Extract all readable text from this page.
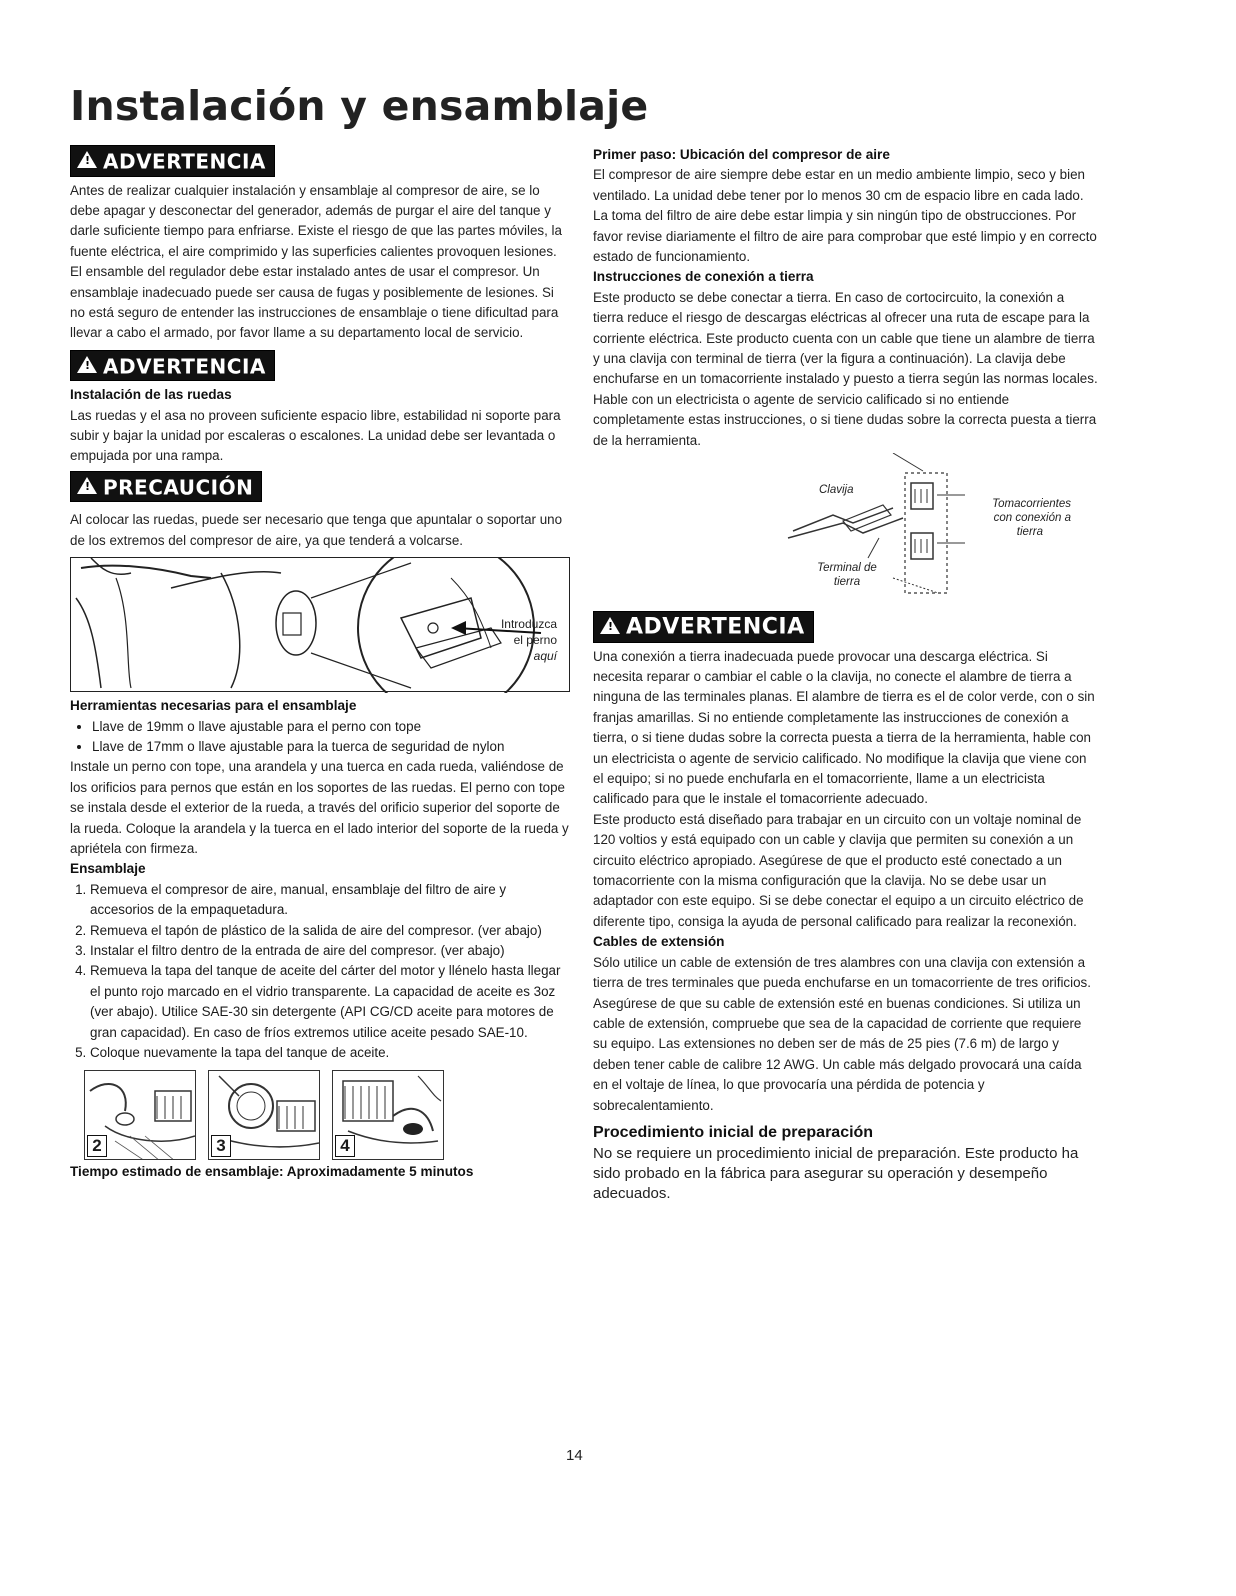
Instalación y ensamblaje
! ADVERTENCIA

Antes de realizar cualquier instalación y ensamblaje al compresor de aire, se lo debe apagar y desconectar del generador, además de purgar el aire del tanque y darle suficiente tiempo para enfriarse. Existe el riesgo de que las partes móviles, la fuente eléctrica, el aire comprimido y las superficies calientes provoquen lesiones. El ensamble del regulador debe estar instalado antes de usar el compresor. Un ensamblaje inadecuado puede ser causa de fugas y posiblemente de lesiones. Si no está seguro de entender las instrucciones de ensamblaje o tiene dificultad para llevar a cabo el armado, por favor llame a su departamento local de servicio.

! ADVERTENCIA

Instalación de las ruedas

Las ruedas y el asa no proveen suficiente espacio libre, estabilidad ni soporte para subir y bajar la unidad por escaleras o escalones. La unidad debe ser levantada o empujada por una rampa.

! PRECAUCIÓN

Al colocar las ruedas, puede ser necesario que tenga que apuntalar o soportar uno de los extremos del compresor de aire, ya que tenderá a volcarse.

Introduzca
el perno
aquí

Herramientas necesarias para el ensamblaje

• Llave de 19mm o llave ajustable para el perno con tope
• Llave de 17mm o llave ajustable para la tuerca de seguridad de nylon

Instale un perno con tope, una arandela y una tuerca en cada rueda, valiéndose de los orificios para pernos que están en los soportes de las ruedas. El perno con tope se instala desde el exterior de la rueda, a través del orificio superior del soporte de la rueda. Coloque la arandela y la tuerca en el lado interior del soporte de la rueda y apriétela con firmeza.

Ensamblaje

1. Remueva el compresor de aire, manual, ensamblaje del filtro de aire y accesorios de la empaquetadura.
2. Remueva el tapón de plástico de la salida de aire del compresor. (ver abajo)
3. Instalar el filtro dentro de la entrada de aire del compresor. (ver abajo)
4. Remueva la tapa del tanque de aceite del cárter del motor y llénelo hasta llegar el punto rojo marcado en el vidrio transparente. La capacidad de aceite es 3oz (ver abajo). Utilice SAE-30 sin detergente (API CG/CD aceite para motores de gran capacidad). En caso de fríos extremos utilice aceite pesado SAE-10.
5. Coloque nuevamente la tapa del tanque de aceite.
2	3	4

Tiempo estimado de ensamblaje: Aproximadamente 5 minutos

Primer paso: Ubicación del compresor de aire

El compresor de aire siempre debe estar en un medio ambiente limpio, seco y bien ventilado. La unidad debe tener por lo menos 30 cm de espacio libre en cada lado. La toma del filtro de aire debe estar limpia y sin ningún tipo de obstrucciones. Por favor revise diariamente el filtro de aire para comprobar que esté limpio y en correcto estado de funcionamiento.

Instrucciones de conexión a tierra

Este producto se debe conectar a tierra. En caso de cortocircuito, la conexión a tierra reduce el riesgo de descargas eléctricas al ofrecer una ruta de escape para la corriente eléctrica. Este producto cuenta con un cable que tiene un alambre de tierra y una clavija con terminal de tierra (ver la figura a continuación). La clavija debe enchufarse en un tomacorriente instalado y puesto a tierra según las normas locales. Hable con un electricista o agente de servicio calificado si no entiende completamente estas instrucciones, o si tiene dudas sobre la correcta puesta a tierra de la herramienta.

Clavija
Tomacorrientes
con conexión a
tierra
Terminal de
tierra
! ADVERTENCIA

Una conexión a tierra inadecuada puede provocar una descarga eléctrica. Si necesita reparar o cambiar el cable o la clavija, no conecte el alambre de tierra a ninguna de las terminales planas. El alambre de tierra es el de color verde, con o sin franjas amarillas. Si no entiende completamente las instrucciones de conexión a tierra, o si tiene dudas sobre la correcta puesta a tierra de la herramienta, hable con un electricista o agente de servicio calificado. No modifique la clavija que viene con el equipo; si no puede enchufarla en el tomacorriente, llame a un electricista calificado para que le instale el tomacorriente adecuado.

Este producto está diseñado para trabajar en un circuito con un voltaje nominal de 120 voltios y está equipado con un cable y clavija que permiten su conexión a un circuito eléctrico apropiado. Asegúrese de que el producto esté conectado a un tomacorriente con la misma configuración que la clavija. No se debe usar un adaptador con este equipo. Si se debe conectar el equipo a un circuito eléctrico de diferente tipo, consiga la ayuda de personal calificado para realizar la reconexión.

Cables de extensión

Sólo utilice un cable de extensión de tres alambres con una clavija con extensión a tierra de tres terminales que pueda enchufarse en un tomacorriente de tres orificios. Asegúrese de que su cable de extensión esté en buenas condiciones. Si utiliza un cable de extensión, compruebe que sea de la capacidad de corriente que requiere su equipo. Las extensiones no deben ser de más de 25 pies (7.6 m) de largo y deben tener cable de calibre 12 AWG. Un cable más delgado provocará una caída en el voltaje de línea, lo que provocaría una pérdida de potencia y sobrecalentamiento.

Procedimiento inicial de preparación

No se requiere un procedimiento inicial de preparación. Este producto ha sido probado en la fábrica para asegurar su operación y desempeño adecuados.

14
